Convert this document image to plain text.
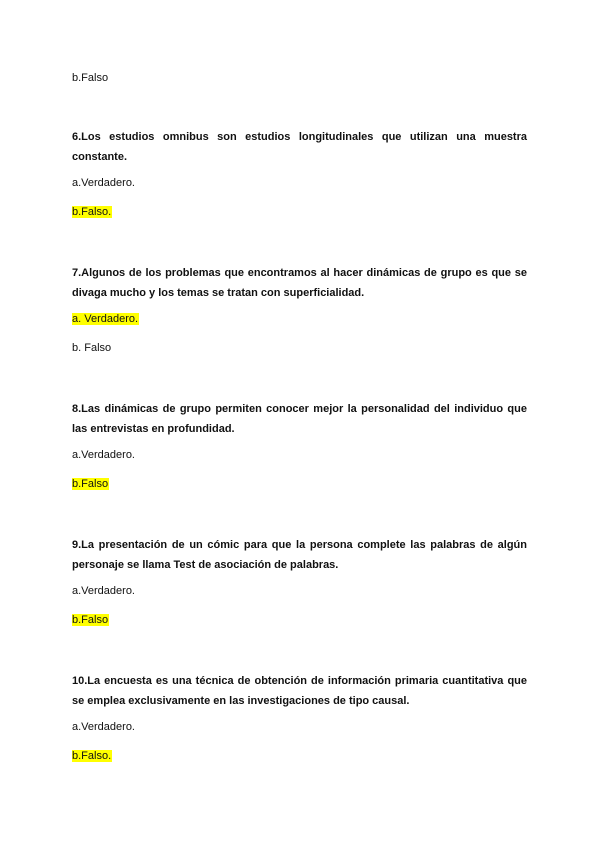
b.Falso

6.Los estudios omnibus son estudios longitudinales que utilizan una muestra constante.

a.Verdadero.
b.Falso.

7.Algunos de los problemas que encontramos al hacer dinámicas de grupo es que se divaga mucho y los temas se tratan con superficialidad.

a. Verdadero.
b. Falso

8.Las dinámicas de grupo permiten conocer mejor la personalidad del individuo que las entrevistas en profundidad.

a.Verdadero.
b.Falso

9.La presentación de un cómic para que la persona complete las palabras de algún personaje se llama Test de asociación de palabras.

a.Verdadero.
b.Falso

10.La encuesta es una técnica de obtención de información primaria cuantitativa que se emplea exclusivamente en las investigaciones de tipo causal.

a.Verdadero.
b.Falso.
